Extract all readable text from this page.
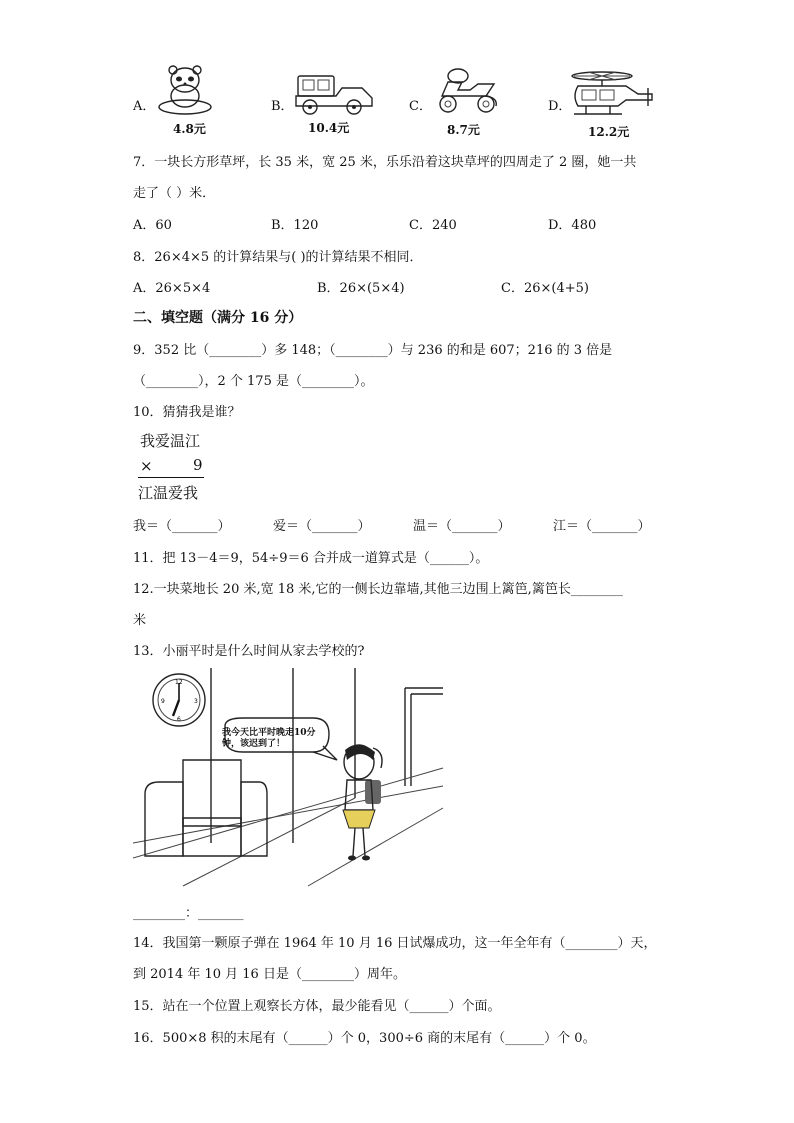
A．
4.8元
B．
10.4元
C．
8.7元
D．
12.2元
7．一块长方形草坪，长 35 米，宽 25 米，乐乐沿着这块草坪的四周走了 2 圈，她一共
走了（ ）米．
A．60	B．120	C．240	D．480
8．26×4×5 的计算结果与( )的计算结果不相同．
A．26×5×4	B．26×(5×4)	C．26×(4+5)
二、填空题（满分 16 分）
9．352 比（________）多 148；（________）与 236 的和是 607；216 的 3 倍是
（________），2 个 175 是（________）。
10．猜猜我是谁？
我爱温江
×	9
江温爱我
我＝（_______）	爱＝（_______）	温＝（_______）	江＝（_______）
11．把 13－4＝9，54÷9＝6 合并成一道算式是（______）。
12.一块菜地长 20 米,宽 18 米,它的一侧长边靠墙,其他三边围上篱笆,篱笆长________
米
13．小丽平时是什么时间从家去学校的?
12
3
6
9
我今天比平时晚走10分钟，该迟到了！
________：_______
14．我国第一颗原子弹在 1964 年 10 月 16 日试爆成功，这一年全年有（________）天，
到 2014 年 10 月 16 日是（________）周年。
15．站在一个位置上观察长方体，最少能看见（______）个面。
16．500×8 积的末尾有（______）个 0，300÷6 商的末尾有（______）个 0。
